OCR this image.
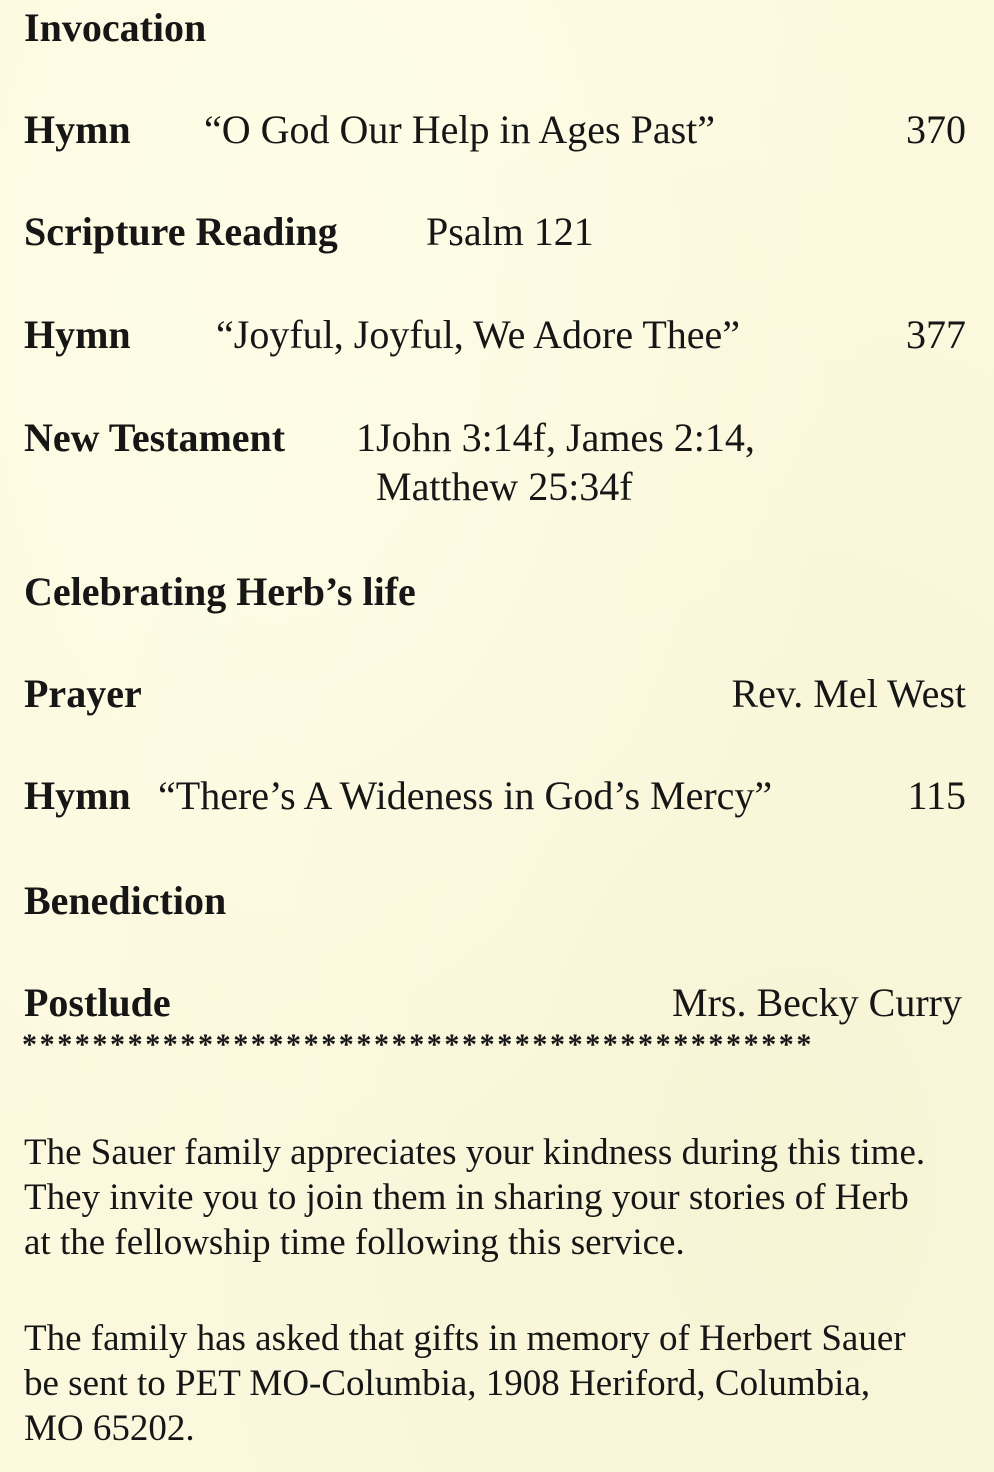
Invocation
Hymn “O God Our Help in Ages Past”	370
Scripture Reading Psalm 121
Hymn “Joyful, Joyful, We Adore Thee”	377
New Testament 1John 3:14f, James 2:14,
Matthew 25:34f
Celebrating Herb’s life
Prayer	Rev. Mel West
Hymn “There’s A Wideness in God’s Mercy”	115
Benediction
Postlude	Mrs. Becky Curry
*********************************************
The Sauer family appreciates your kindness during this time.
They invite you to join them in sharing your stories of Herb
at the fellowship time following this service.
The family has asked that gifts in memory of Herbert Sauer
be sent to PET MO-Columbia, 1908 Heriford, Columbia,
MO 65202.
